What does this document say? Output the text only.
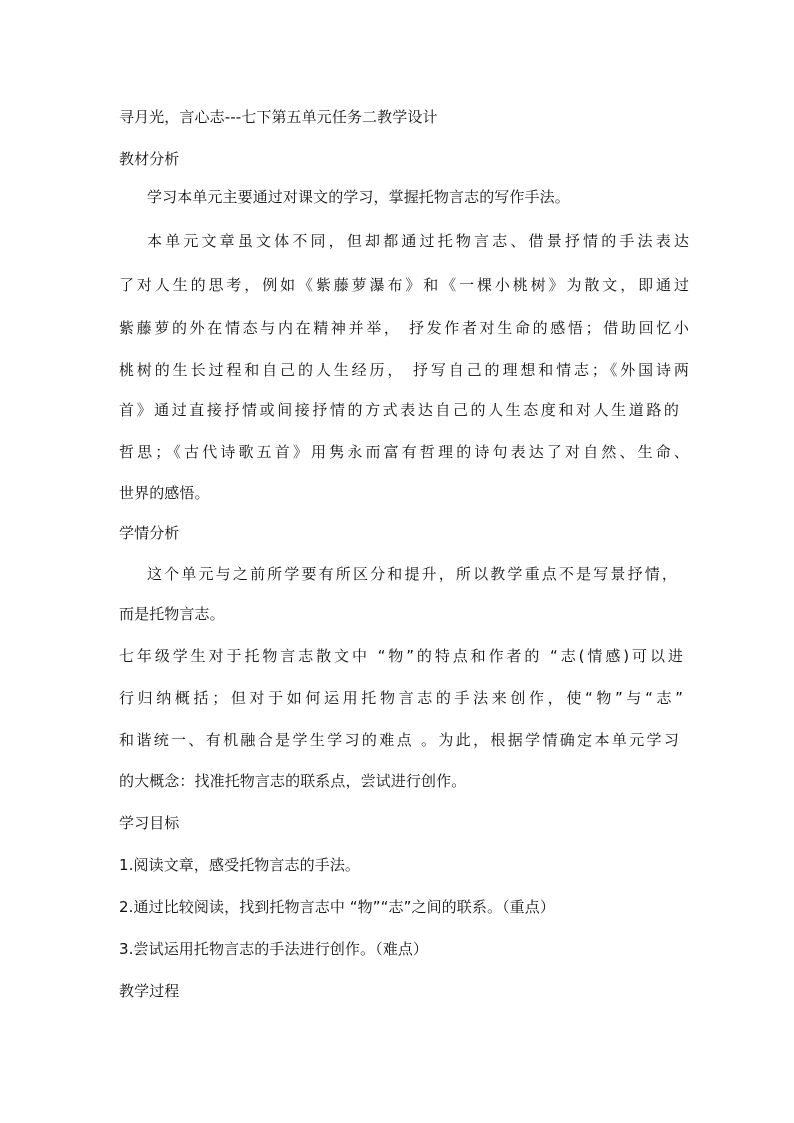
寻月光，言心志---七下第五单元任务二教学设计
教材分析
学习本单元主要通过对课文的学习，掌握托物言志的写作手法。
本单元文章虽文体不同，但却都通过托物言志、借景抒情的手法表达
了对人生的思考，例如《紫藤萝瀑布》和《一棵小桃树》为散文，即通过
紫藤萝的外在情态与内在精神并举， 抒发作者对生命的感悟；借助回忆小
桃树的生长过程和自己的人生经历， 抒写自己的理想和情志；《外国诗两
首》通过直接抒情或间接抒情的方式表达自己的人生态度和对人生道路的
哲思；《古代诗歌五首》用隽永而富有哲理的诗句表达了对自然、生命、
世界的感悟。
学情分析
这个单元与之前所学要有所区分和提升，所以教学重点不是写景抒情，
而是托物言志。
七年级学生对于托物言志散文中 “物”的特点和作者的 “志(情感)可以进
行归纳概括；但对于如何运用托物言志的手法来创作，使“物”与“志”
和谐统一、有机融合是学生学习的难点 。为此，根据学情确定本单元学习
的大概念：找准托物言志的联系点，尝试进行创作。
学习目标
1.阅读文章，感受托物言志的手法。
2.通过比较阅读，找到托物言志中 “物”“志”之间的联系。（重点）
3.尝试运用托物言志的手法进行创作。（难点）
教学过程
